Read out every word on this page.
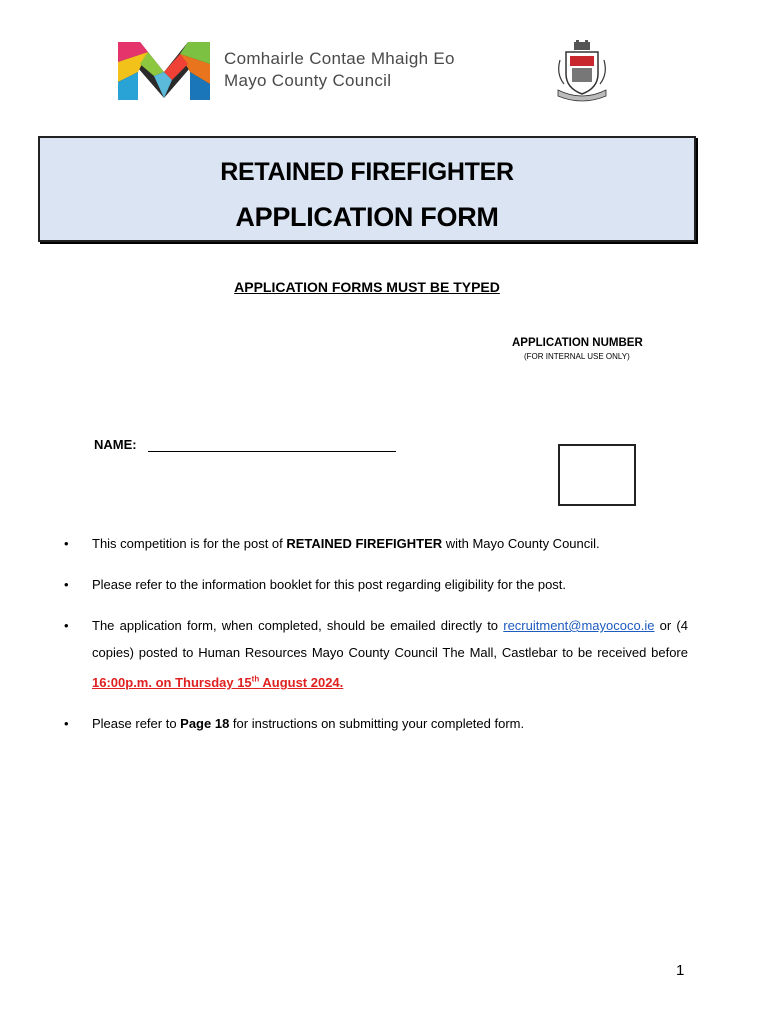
Comhairle Contae Mhaigh Eo
Mayo County Council
RETAINED FIREFIGHTER
APPLICATION FORM
APPLICATION FORMS MUST BE TYPED
APPLICATION NUMBER
(FOR INTERNAL USE ONLY)
NAME:
• This competition is for the post of RETAINED FIREFIGHTER with Mayo County Council.
• Please refer to the information booklet for this post regarding eligibility for the post.
• The application form, when completed, should be emailed directly to recruitment@mayococo.ie or (4 copies) posted to Human Resources Mayo County Council The Mall, Castlebar to be received before 16:00p.m. on Thursday 15th August 2024.
• Please refer to Page 18 for instructions on submitting your completed form.
1
